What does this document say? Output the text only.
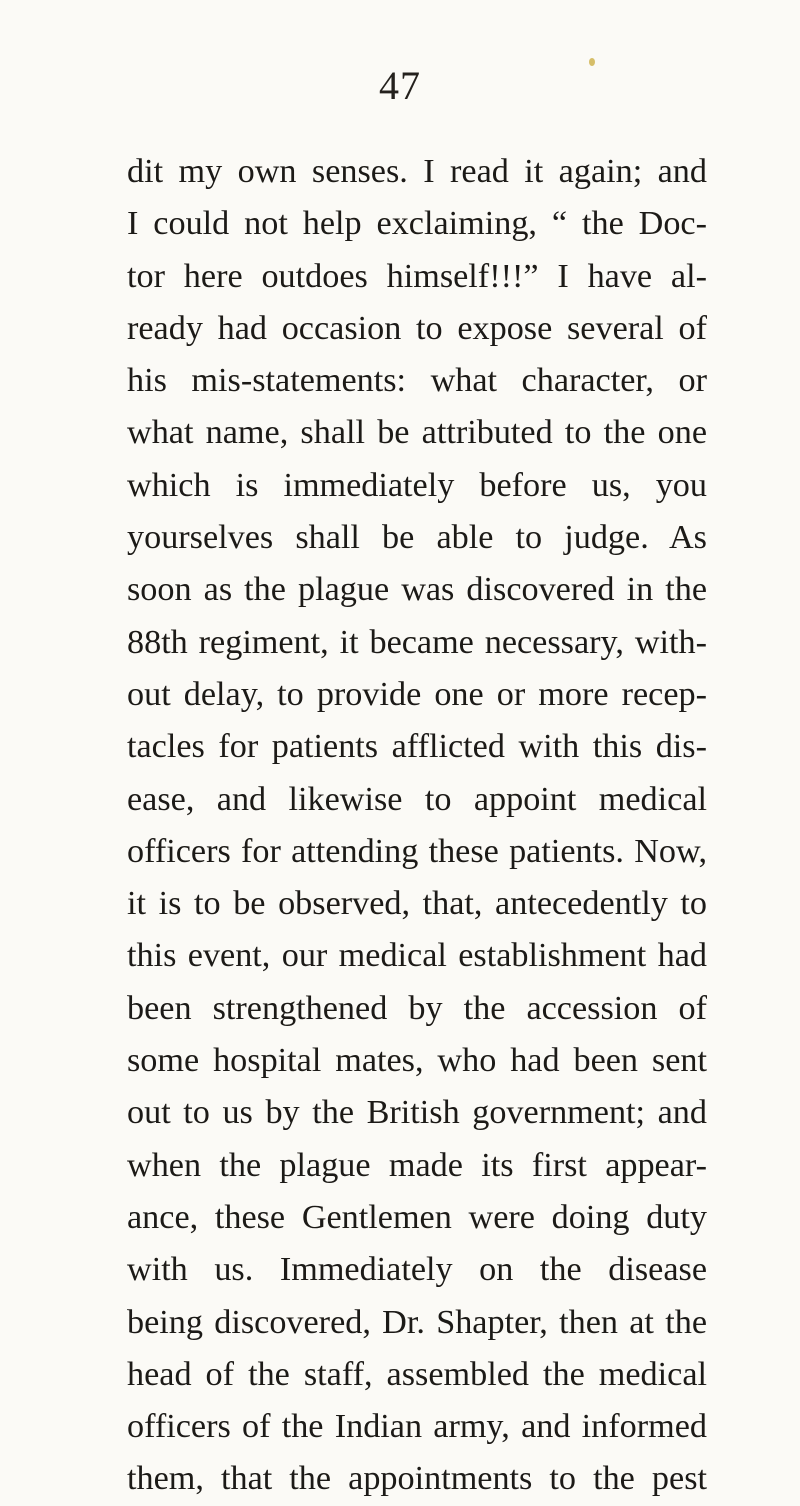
47
dit my own senses. I read it again; and
I could not help exclaiming, “ the Doc-
tor here outdoes himself!!!” I have al-
ready had occasion to expose several of
his mis-statements: what character, or
what name, shall be attributed to the one
which is immediately before us, you
yourselves shall be able to judge. As
soon as the plague was discovered in the
88th regiment, it became necessary, with-
out delay, to provide one or more recep-
tacles for patients afflicted with this dis-
ease, and likewise to appoint medical
officers for attending these patients. Now,
it is to be observed, that, antecedently to
this event, our medical establishment had
been strengthened by the accession of
some hospital mates, who had been sent
out to us by the British government; and
when the plague made its first appear-
ance, these Gentlemen were doing duty
with us. Immediately on the disease
being discovered, Dr. Shapter, then at the
head of the staff, assembled the medical
officers of the Indian army, and informed
them, that the appointments to the pest
